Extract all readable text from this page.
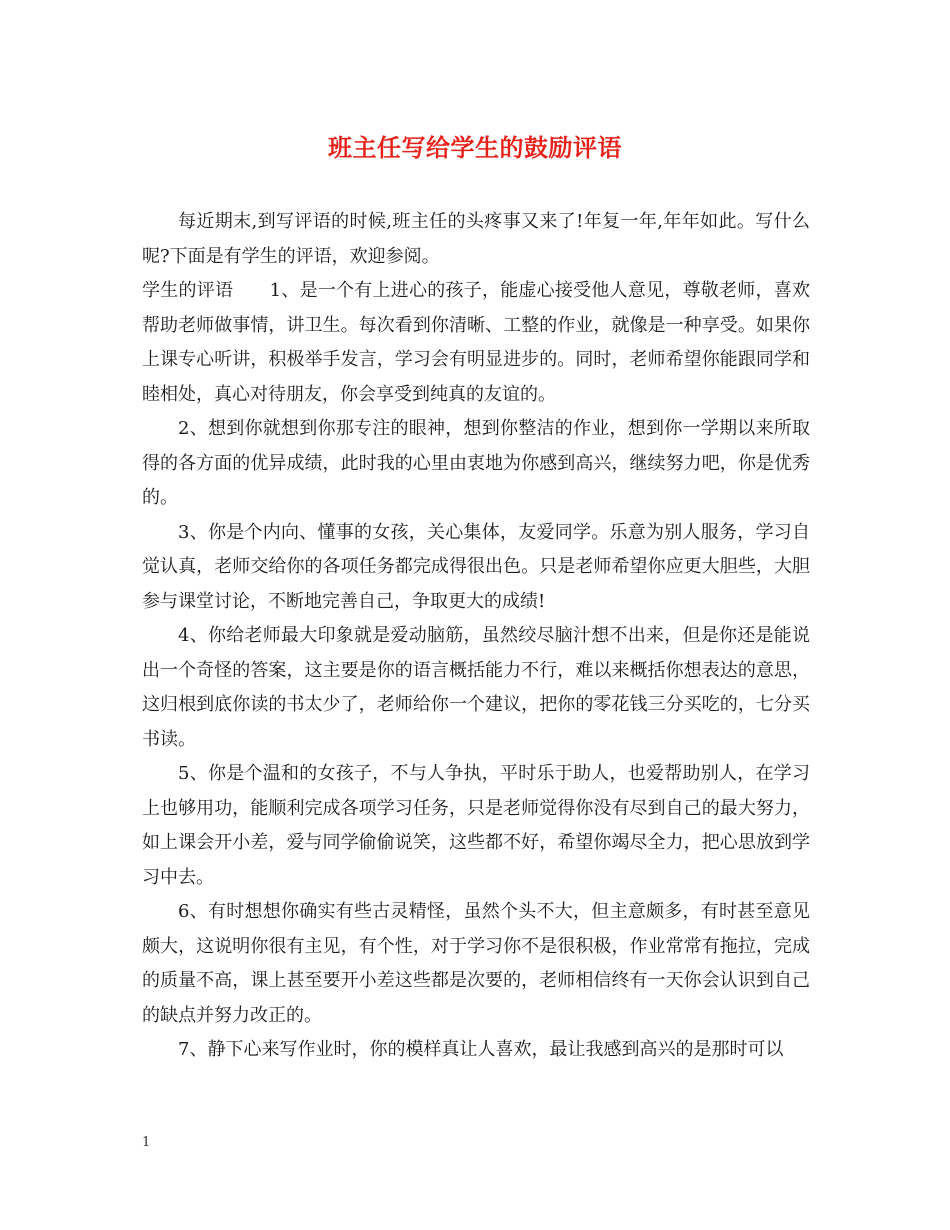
班主任写给学生的鼓励评语

每近期末,到写评语的时候,班主任的头疼事又来了!年复一年,年年如此。写什么呢?下面是有学生的评语，欢迎参阅。

学生的评语　　1、是一个有上进心的孩子，能虚心接受他人意见，尊敬老师，喜欢帮助老师做事情，讲卫生。每次看到你清晰、工整的作业，就像是一种享受。如果你上课专心听讲，积极举手发言，学习会有明显进步的。同时，老师希望你能跟同学和睦相处，真心对待朋友，你会享受到纯真的友谊的。

2、想到你就想到你那专注的眼神，想到你整洁的作业，想到你一学期以来所取得的各方面的优异成绩，此时我的心里由衷地为你感到高兴，继续努力吧，你是优秀的。

3、你是个内向、懂事的女孩，关心集体，友爱同学。乐意为别人服务，学习自觉认真，老师交给你的各项任务都完成得很出色。只是老师希望你应更大胆些，大胆参与课堂讨论，不断地完善自己，争取更大的成绩!

4、你给老师最大印象就是爱动脑筋，虽然绞尽脑汁想不出来，但是你还是能说出一个奇怪的答案，这主要是你的语言概括能力不行，难以来概括你想表达的意思，这归根到底你读的书太少了，老师给你一个建议，把你的零花钱三分买吃的，七分买书读。

5、你是个温和的女孩子，不与人争执，平时乐于助人，也爱帮助别人，在学习上也够用功，能顺利完成各项学习任务，只是老师觉得你没有尽到自己的最大努力，如上课会开小差，爱与同学偷偷说笑，这些都不好，希望你竭尽全力，把心思放到学习中去。

6、有时想想你确实有些古灵精怪，虽然个头不大，但主意颇多，有时甚至意见颇大，这说明你很有主见，有个性，对于学习你不是很积极，作业常常有拖拉，完成的质量不高，课上甚至要开小差这些都是次要的，老师相信终有一天你会认识到自己的缺点并努力改正的。

7、静下心来写作业时，你的模样真让人喜欢，最让我感到高兴的是那时可以

1
